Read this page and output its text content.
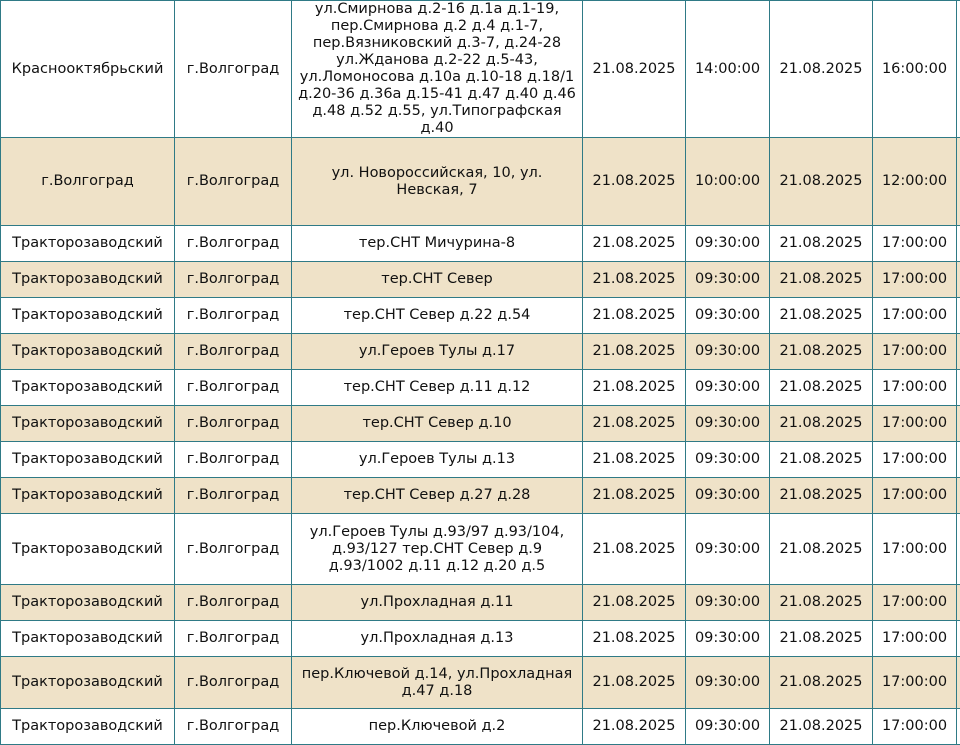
Краснооктябрьский	г.Волгоград	ул.Смирнова д.2-16 д.1а д.1-19, пер.Смирнова д.2 д.4 д.1-7, пер.Вязниковский д.3-7, д.24-28 ул.Жданова д.2-22 д.5-43, ул.Ломоносова д.10а д.10-18 д.18/1 д.20-36 д.36а д.15-41 д.47 д.40 д.46 д.48 д.52 д.55, ул.Типографская д.40	21.08.2025	14:00:00	21.08.2025	16:00:00	
г.Волгоград	г.Волгоград	ул. Новороссийская, 10, ул. Невская, 7	21.08.2025	10:00:00	21.08.2025	12:00:00	
Тракторозаводский	г.Волгоград	тер.СНТ Мичурина-8	21.08.2025	09:30:00	21.08.2025	17:00:00	
Тракторозаводский	г.Волгоград	тер.СНТ Север	21.08.2025	09:30:00	21.08.2025	17:00:00	
Тракторозаводский	г.Волгоград	тер.СНТ Север д.22 д.54	21.08.2025	09:30:00	21.08.2025	17:00:00	
Тракторозаводский	г.Волгоград	ул.Героев Тулы д.17	21.08.2025	09:30:00	21.08.2025	17:00:00	
Тракторозаводский	г.Волгоград	тер.СНТ Север д.11 д.12	21.08.2025	09:30:00	21.08.2025	17:00:00	
Тракторозаводский	г.Волгоград	тер.СНТ Север д.10	21.08.2025	09:30:00	21.08.2025	17:00:00	
Тракторозаводский	г.Волгоград	ул.Героев Тулы д.13	21.08.2025	09:30:00	21.08.2025	17:00:00	
Тракторозаводский	г.Волгоград	тер.СНТ Север д.27 д.28	21.08.2025	09:30:00	21.08.2025	17:00:00	
Тракторозаводский	г.Волгоград	ул.Героев Тулы д.93/97 д.93/104, д.93/127 тер.СНТ Север д.9 д.93/1002 д.11 д.12 д.20 д.5	21.08.2025	09:30:00	21.08.2025	17:00:00	
Тракторозаводский	г.Волгоград	ул.Прохладная д.11	21.08.2025	09:30:00	21.08.2025	17:00:00	
Тракторозаводский	г.Волгоград	ул.Прохладная д.13	21.08.2025	09:30:00	21.08.2025	17:00:00	
Тракторозаводский	г.Волгоград	пер.Ключевой д.14, ул.Прохладная д.47 д.18	21.08.2025	09:30:00	21.08.2025	17:00:00	
Тракторозаводский	г.Волгоград	пер.Ключевой д.2	21.08.2025	09:30:00	21.08.2025	17:00:00	
